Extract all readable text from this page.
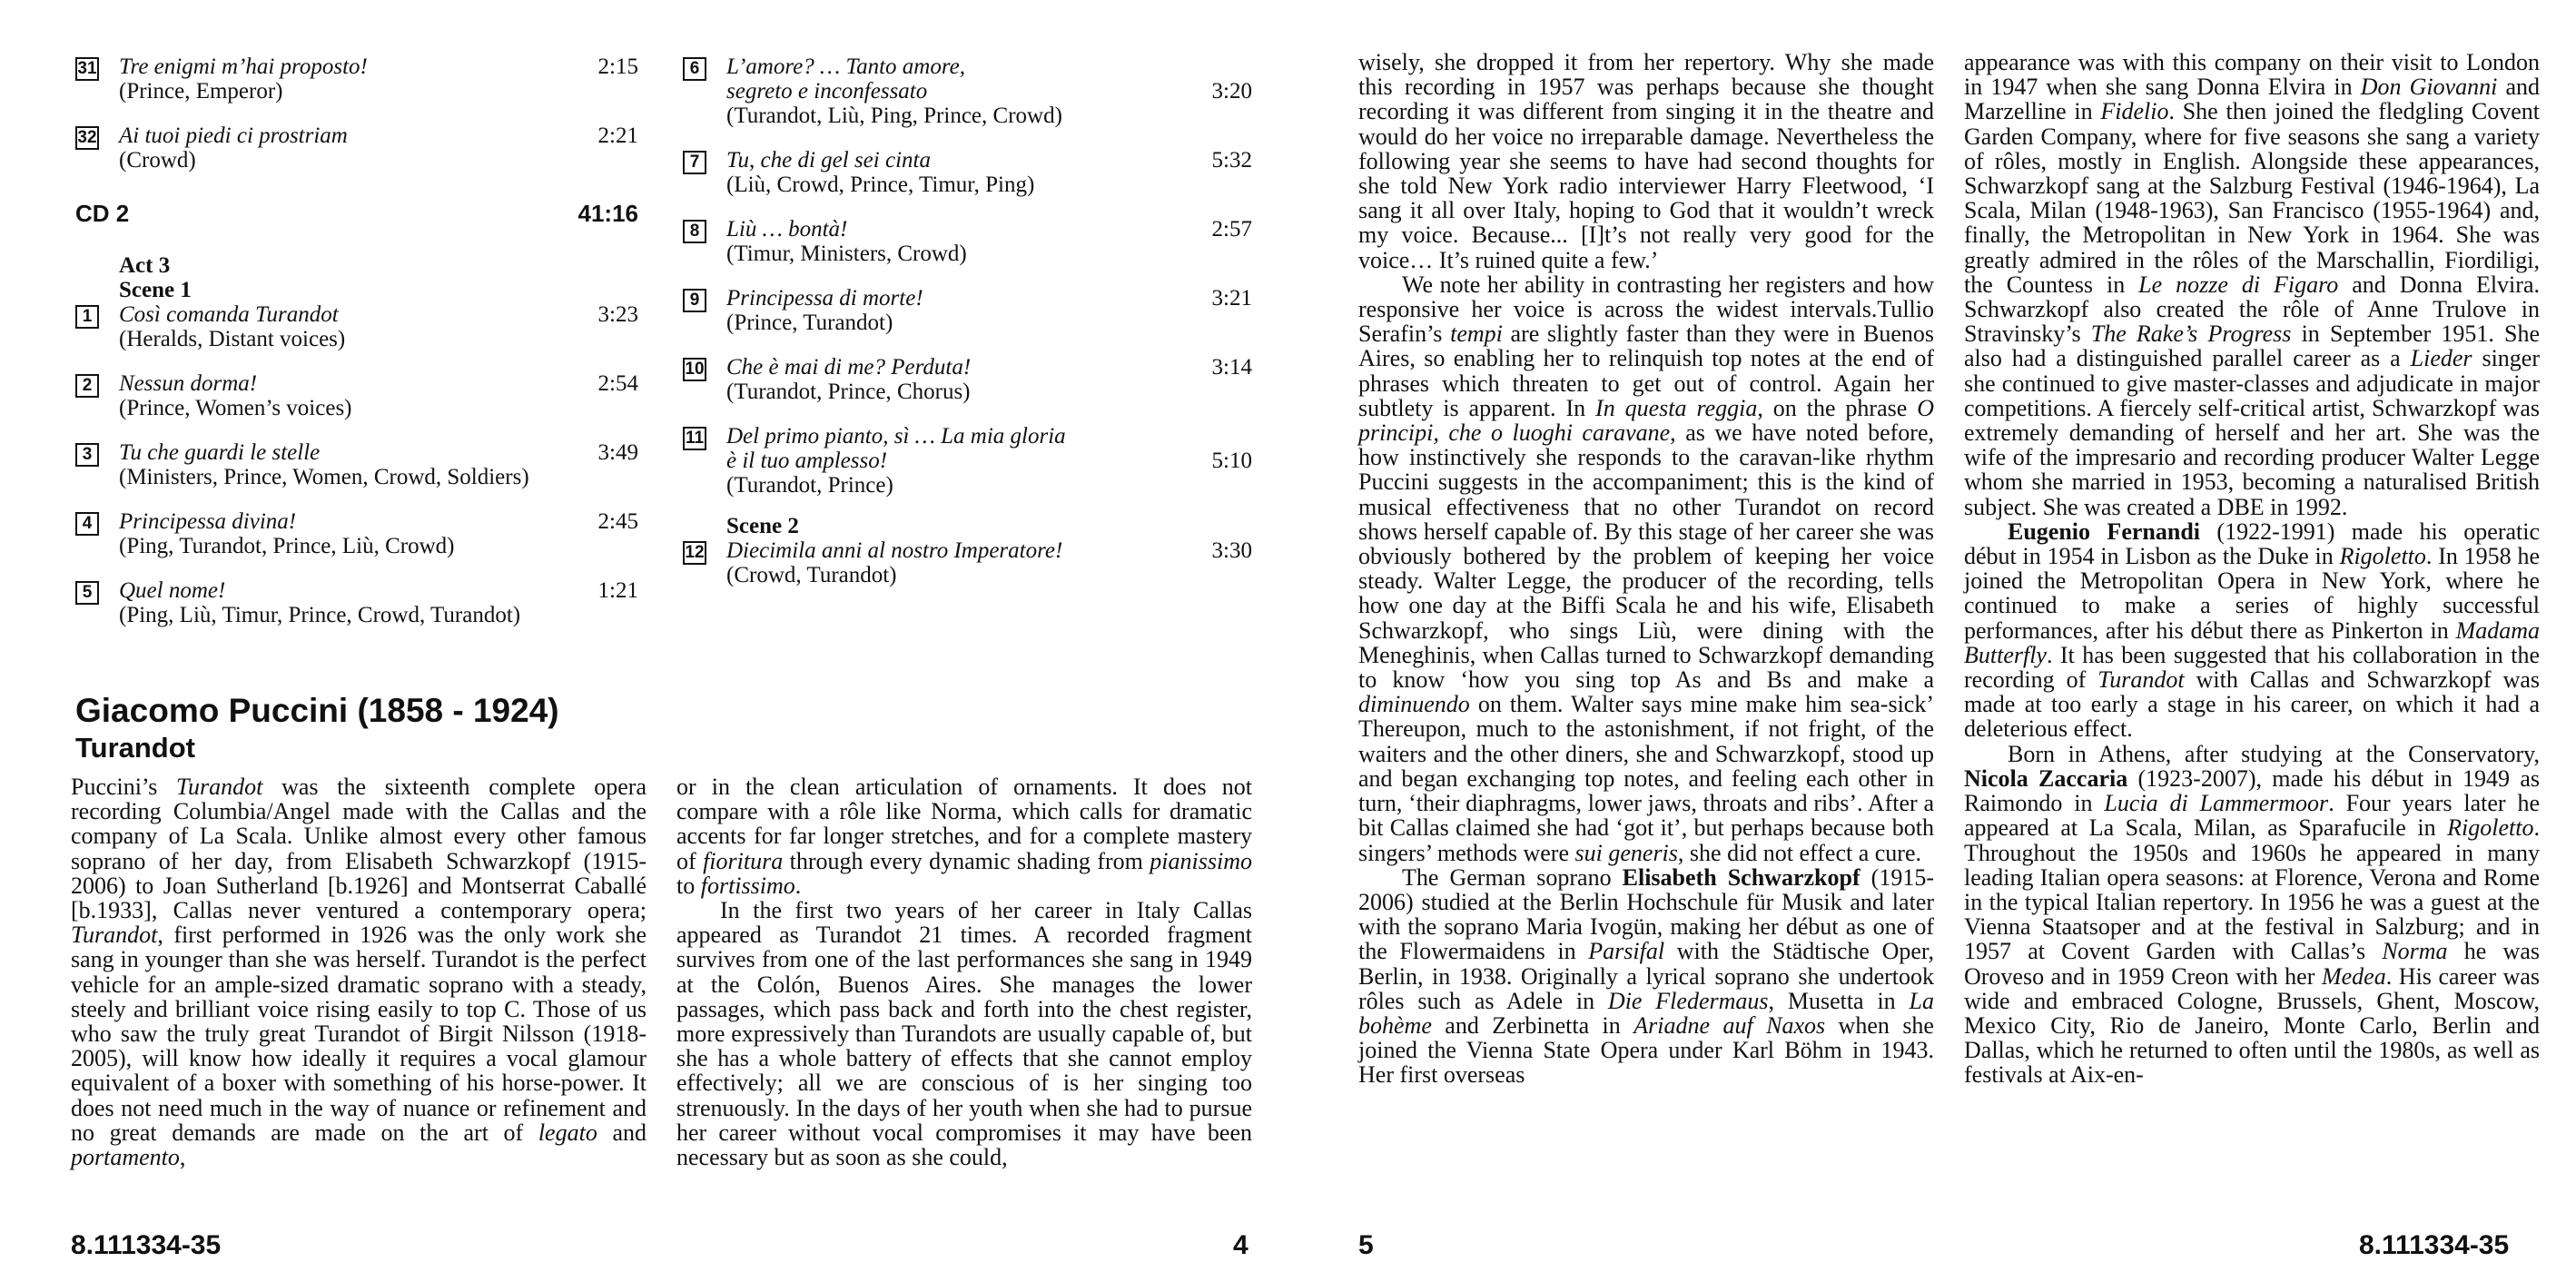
31 Tre enigmi m’hai proposto!
(Prince, Emperor)
2:15
32 Ai tuoi piedi ci prostriam
(Crowd)
2:21
CD 2	41:16
Act 3
Scene 1
1	Così comanda Turandot
(Heralds, Distant voices)
3:23
2	Nessun dorma!
(Prince, Women’s voices)
2:54
3	Tu che guardi le stelle
(Ministers, Prince, Women, Crowd, Soldiers)
3:49
4	Principessa divina!
(Ping, Turandot, Prince, Liù, Crowd)
2:45
5	Quel nome!
(Ping, Liù, Timur, Prince, Crowd, Turandot)
1:21
6	L’amore? … Tanto amore,
segreto e inconfessato
(Turandot, Liù, Ping, Prince, Crowd)
3:20
7	Tu, che di gel sei cinta
(Liù, Crowd, Prince, Timur, Ping)
5:32
8	Liù … bontà!
(Timur, Ministers, Crowd)
2:57
9	Principessa di morte!
(Prince, Turandot)
3:21
10 Che è mai di me? Perduta!
(Turandot, Prince, Chorus)
3:14
11 Del primo pianto, sì … La mia gloria
è il tuo amplesso!
(Turandot, Prince)
5:10
Scene 2
12 Diecimila anni al nostro Imperatore!
(Crowd, Turandot)
3:30
Giacomo Puccini (1858 - 1924)
Turandot

Puccini’s Turandot was the sixteenth complete opera recording Columbia/Angel made with the Callas and the company of La Scala. Unlike almost every other famous soprano of her day, from Elisabeth Schwarzkopf (1915-2006) to Joan Sutherland [b.1926] and Montserrat Caballé [b.1933], Callas never ventured a contemporary opera; Turandot, first performed in 1926 was the only work she sang in younger than she was herself. Turandot is the perfect vehicle for an ample-sized dramatic soprano with a steady, steely and brilliant voice rising easily to top C. Those of us who saw the truly great Turandot of Birgit Nilsson (1918-2005), will know how ideally it requires a vocal glamour equivalent of a boxer with something of his horse-power. It does not need much in the way of nuance or refinement and no great demands are made on the art of legato and portamento,

or in the clean articulation of ornaments. It does not compare with a rôle like Norma, which calls for dramatic accents for far longer stretches, and for a complete mastery of fioritura through every dynamic shading from pianissimo to fortissimo.

In the first two years of her career in Italy Callas appeared as Turandot 21 times. A recorded fragment survives from one of the last performances she sang in 1949 at the Colón, Buenos Aires. She manages the lower passages, which pass back and forth into the chest register, more expressively than Turandots are usually capable of, but she has a whole battery of effects that she cannot employ effectively; all we are conscious of is her singing too strenuously. In the days of her youth when she had to pursue her career without vocal compromises it may have been necessary but as soon as she could,

wisely, she dropped it from her repertory. Why she made this recording in 1957 was perhaps because she thought recording it was different from singing it in the theatre and would do her voice no irreparable damage. Nevertheless the following year she seems to have had second thoughts for she told New York radio interviewer Harry Fleetwood, ‘I sang it all over Italy, hoping to God that it wouldn’t wreck my voice. Because... [I]t’s not really very good for the voice… It’s ruined quite a few.’

We note her ability in contrasting her registers and how responsive her voice is across the widest intervals.Tullio Serafin’s tempi are slightly faster than they were in Buenos Aires, so enabling her to relinquish top notes at the end of phrases which threaten to get out of control. Again her subtlety is apparent. In In questa reggia, on the phrase O principi, che o luoghi caravane, as we have noted before, how instinctively she responds to the caravan-like rhythm Puccini suggests in the accompaniment; this is the kind of musical effectiveness that no other Turandot on record shows herself capable of. By this stage of her career she was obviously bothered by the problem of keeping her voice steady. Walter Legge, the producer of the recording, tells how one day at the Biffi Scala he and his wife, Elisabeth Schwarzkopf, who sings Liù, were dining with the Meneghinis, when Callas turned to Schwarzkopf demanding to know ‘how you sing top As and Bs and make a diminuendo on them. Walter says mine make him sea-sick’ Thereupon, much to the astonishment, if not fright, of the waiters and the other diners, she and Schwarzkopf, stood up and began exchanging top notes, and feeling each other in turn, ‘their diaphragms, lower jaws, throats and ribs’. After a bit Callas claimed she had ‘got it’, but perhaps because both singers’ methods were sui generis, she did not effect a cure.

The German soprano Elisabeth Schwarzkopf (1915-2006) studied at the Berlin Hochschule für Musik and later with the soprano Maria Ivogün, making her début as one of the Flowermaidens in Parsifal with the Städtische Oper, Berlin, in 1938. Originally a lyrical soprano she undertook rôles such as Adele in Die Fledermaus, Musetta in La bohème and Zerbinetta in Ariadne auf Naxos when she joined the Vienna State Opera under Karl Böhm in 1943. Her first overseas

appearance was with this company on their visit to London in 1947 when she sang Donna Elvira in Don Giovanni and Marzelline in Fidelio. She then joined the fledgling Covent Garden Company, where for five seasons she sang a variety of rôles, mostly in English. Alongside these appearances, Schwarzkopf sang at the Salzburg Festival (1946-1964), La Scala, Milan (1948-1963), San Francisco (1955-1964) and, finally, the Metropolitan in New York in 1964. She was greatly admired in the rôles of the Marschallin, Fiordiligi, the Countess in Le nozze di Figaro and Donna Elvira. Schwarzkopf also created the rôle of Anne Trulove in Stravinsky’s The Rake’s Progress in September 1951. She also had a distinguished parallel career as a Lieder singer she continued to give master-classes and adjudicate in major competitions. A fiercely self-critical artist, Schwarzkopf was extremely demanding of herself and her art. She was the wife of the impresario and recording producer Walter Legge whom she married in 1953, becoming a naturalised British subject. She was created a DBE in 1992.

Eugenio Fernandi (1922-1991) made his operatic début in 1954 in Lisbon as the Duke in Rigoletto. In 1958 he joined the Metropolitan Opera in New York, where he continued to make a series of highly successful performances, after his début there as Pinkerton in Madama Butterfly. It has been suggested that his collaboration in the recording of Turandot with Callas and Schwarzkopf was made at too early a stage in his career, on which it had a deleterious effect.

Born in Athens, after studying at the Conservatory, Nicola Zaccaria (1923-2007), made his début in 1949 as Raimondo in Lucia di Lammermoor. Four years later he appeared at La Scala, Milan, as Sparafucile in Rigoletto. Throughout the 1950s and 1960s he appeared in many leading Italian opera seasons: at Florence, Verona and Rome in the typical Italian repertory. In 1956 he was a guest at the Vienna Staatsoper and at the festival in Salzburg; and in 1957 at Covent Garden with Callas’s Norma he was Oroveso and in 1959 Creon with her Medea. His career was wide and embraced Cologne, Brussels, Ghent, Moscow, Mexico City, Rio de Janeiro, Monte Carlo, Berlin and Dallas, which he returned to often until the 1980s, as well as festivals at Aix-en-

8.111334-35	4	5	8.111334-35
